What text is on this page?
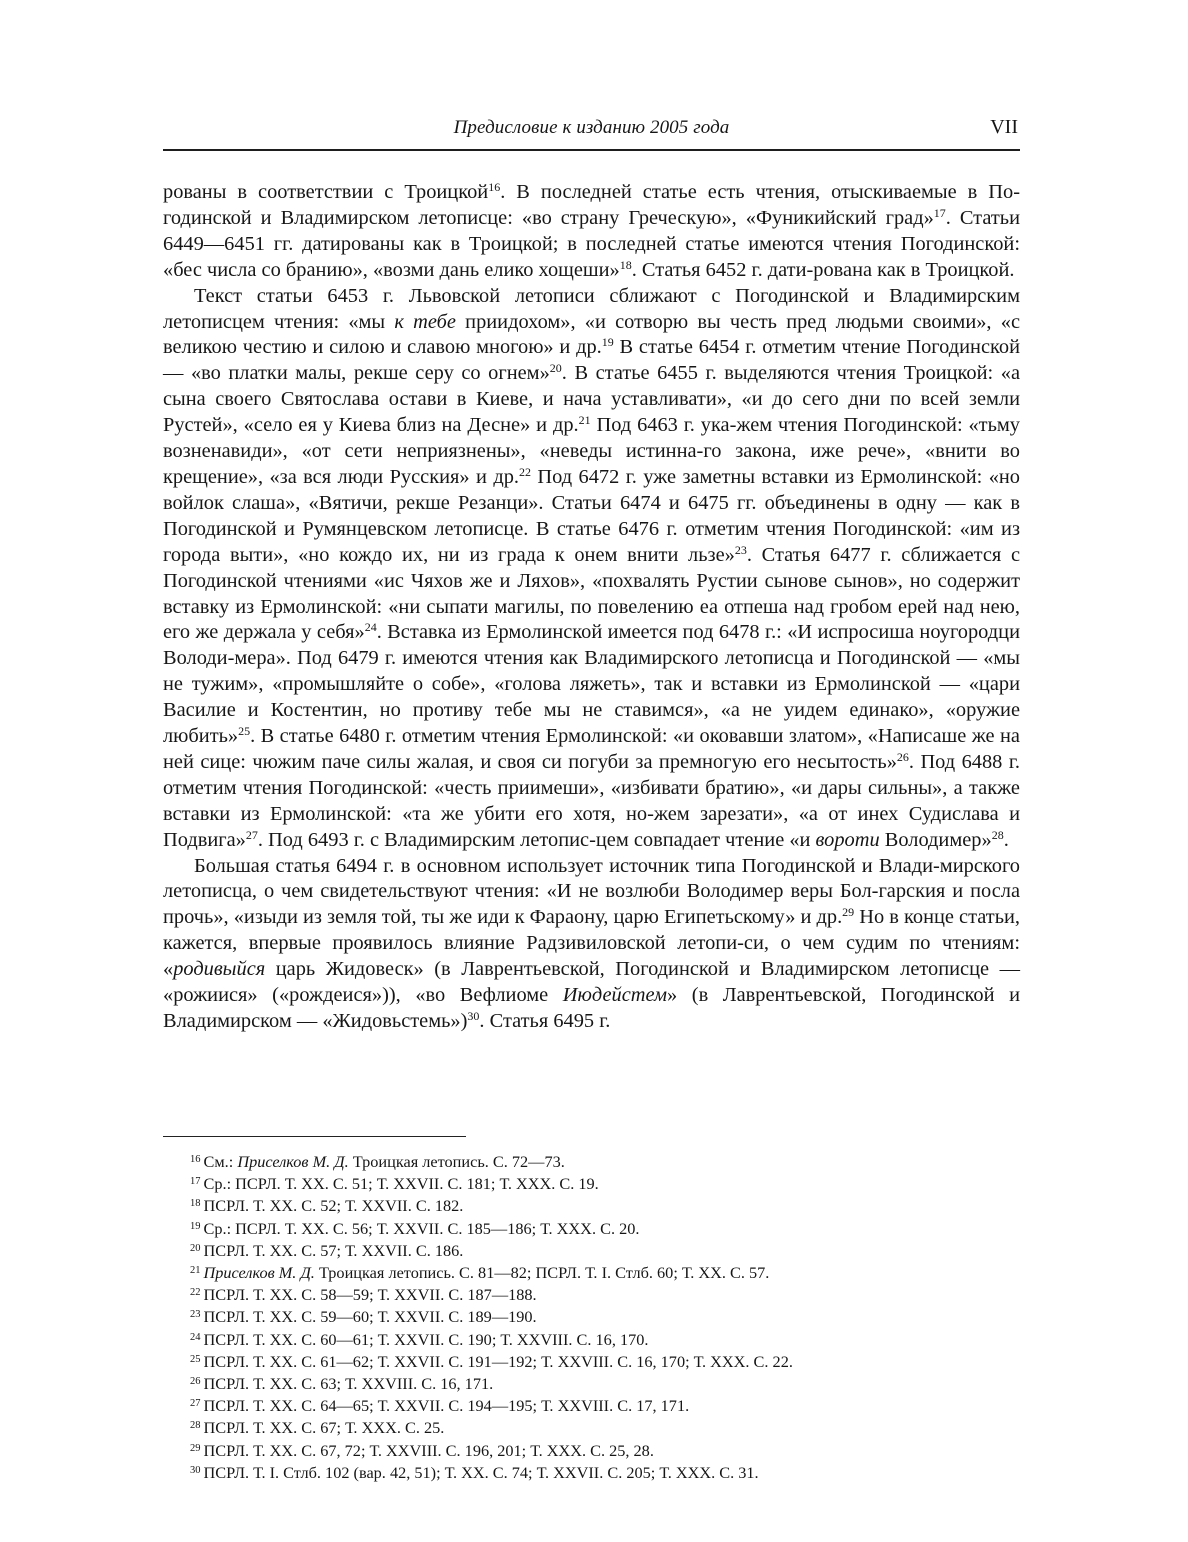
Предисловие к изданию 2005 года	VII

рованы в соответствии с Троицкой$^{16}$. В последней статье есть чтения, отыскиваемые в По-годинской и Владимирском летописце: «во страну Греческую», «Фуникийский град»$^{17}$. Статьи 6449—6451 гг. датированы как в Троицкой; в последней статье имеются чтения Погодинской: «бес числа со бранию», «возми дань елико хощеши»$^{18}$. Статья 6452 г. дати-рована как в Троицкой.

Текст статьи 6453 г. Львовской летописи сближают с Погодинской и Владимирским летописцем чтения: «мы к тебе приидохом», «и сотворю вы честь пред людьми своими», «с великою честию и силою и славою многою» и др.$^{19}$ В статье 6454 г. отметим чтение Погодинской — «во платки малы, рекше серу со огнем»$^{20}$. В статье 6455 г. выделяются чтения Троицкой: «а сына своего Святослава остави в Киеве, и нача уставливати», «и до сего дни по всей земли Рустей», «село ея у Киева близ на Десне» и др.$^{21}$ Под 6463 г. ука-жем чтения Погодинской: «тьму возненавиди», «от сети неприязнены», «неведы истинна-го закона, иже рече», «внити во крещение», «за вся люди Русския» и др.$^{22}$ Под 6472 г. уже заметны вставки из Ермолинской: «но войлок слаша», «Вятичи, рекше Резанци». Статьи 6474 и 6475 гг. объединены в одну — как в Погодинской и Румянцевском летописце. В статье 6476 г. отметим чтения Погодинской: «им из города выти», «но кождо их, ни из града к онем внити льзе»$^{23}$. Статья 6477 г. сближается с Погодинской чтениями «ис Чяхов же и Ляхов», «похвалять Рустии сынове сынов», но содержит вставку из Ермолинской: «ни сыпати магилы, по повелению еа отпеша над гробом ерей над нею, его же держала у себя»$^{24}$. Вставка из Ермолинской имеется под 6478 г.: «И испросиша ноугородци Володи-мера». Под 6479 г. имеются чтения как Владимирского летописца и Погодинской — «мы не тужим», «промышляйте о собе», «голова ляжеть», так и вставки из Ермолинской — «цари Василие и Костентин, но противу тебе мы не ставимся», «а не уидем единако», «оружие любить»$^{25}$. В статье 6480 г. отметим чтения Ермолинской: «и оковавши златом», «Написаше же на ней сице: чюжим паче силы жалая, и своя си погуби за премногую его несытость»$^{26}$. Под 6488 г. отметим чтения Погодинской: «честь приимеши», «избивати братию», «и дары сильны», а также вставки из Ермолинской: «та же убити его хотя, но-жем зарезати», «а от инех Судислава и Подвига»$^{27}$. Под 6493 г. с Владимирским летопис-цем совпадает чтение «и вороти Володимер»$^{28}$.

Большая статья 6494 г. в основном использует источник типа Погодинской и Влади-мирского летописца, о чем свидетельствуют чтения: «И не возлюби Володимер веры Бол-гарския и посла прочь», «изыди из земля той, ты же иди к Фараону, царю Египетьскому» и др.$^{29}$ Но в конце статьи, кажется, впервые проявилось влияние Радзивиловской летопи-си, о чем судим по чтениям: «родивыйся царь Жидовеск» (в Лаврентьевской, Погодинской и Владимирском летописце — «рожиися» («рождеися»)), «во Вефлиоме Июдейстем» (в Лаврентьевской, Погодинской и Владимирском — «Жидовьстемь»)$^{30}$. Статья 6495 г.

$^{16}$ См.: Приселков М. Д. Троицкая летопись. С. 72—73.
$^{17}$ Ср.: ПСРЛ. Т. XX. С. 51; Т. XXVII. С. 181; Т. XXX. С. 19.
$^{18}$ ПСРЛ. Т. XX. С. 52; Т. XXVII. С. 182.
$^{19}$ Ср.: ПСРЛ. Т. XX. С. 56; Т. XXVII. С. 185—186; Т. XXX. С. 20.
$^{20}$ ПСРЛ. Т. XX. С. 57; Т. XXVII. С. 186.
$^{21}$ Приселков М. Д. Троицкая летопись. С. 81—82; ПСРЛ. Т. I. Стлб. 60; Т. XX. С. 57.
$^{22}$ ПСРЛ. Т. XX. С. 58—59; Т. XXVII. С. 187—188.
$^{23}$ ПСРЛ. Т. XX. С. 59—60; Т. XXVII. С. 189—190.
$^{24}$ ПСРЛ. Т. XX. С. 60—61; Т. XXVII. С. 190; Т. XXVIII. С. 16, 170.
$^{25}$ ПСРЛ. Т. XX. С. 61—62; Т. XXVII. С. 191—192; Т. XXVIII. С. 16, 170; Т. XXX. С. 22.
$^{26}$ ПСРЛ. Т. XX. С. 63; Т. XXVIII. С. 16, 171.
$^{27}$ ПСРЛ. Т. XX. С. 64—65; Т. XXVII. С. 194—195; Т. XXVIII. С. 17, 171.
$^{28}$ ПСРЛ. Т. XX. С. 67; Т. XXX. С. 25.
$^{29}$ ПСРЛ. Т. XX. С. 67, 72; Т. XXVIII. С. 196, 201; Т. XXX. С. 25, 28.
$^{30}$ ПСРЛ. Т. I. Стлб. 102 (вар. 42, 51); Т. XX. С. 74; Т. XXVII. С. 205; Т. XXX. С. 31.
